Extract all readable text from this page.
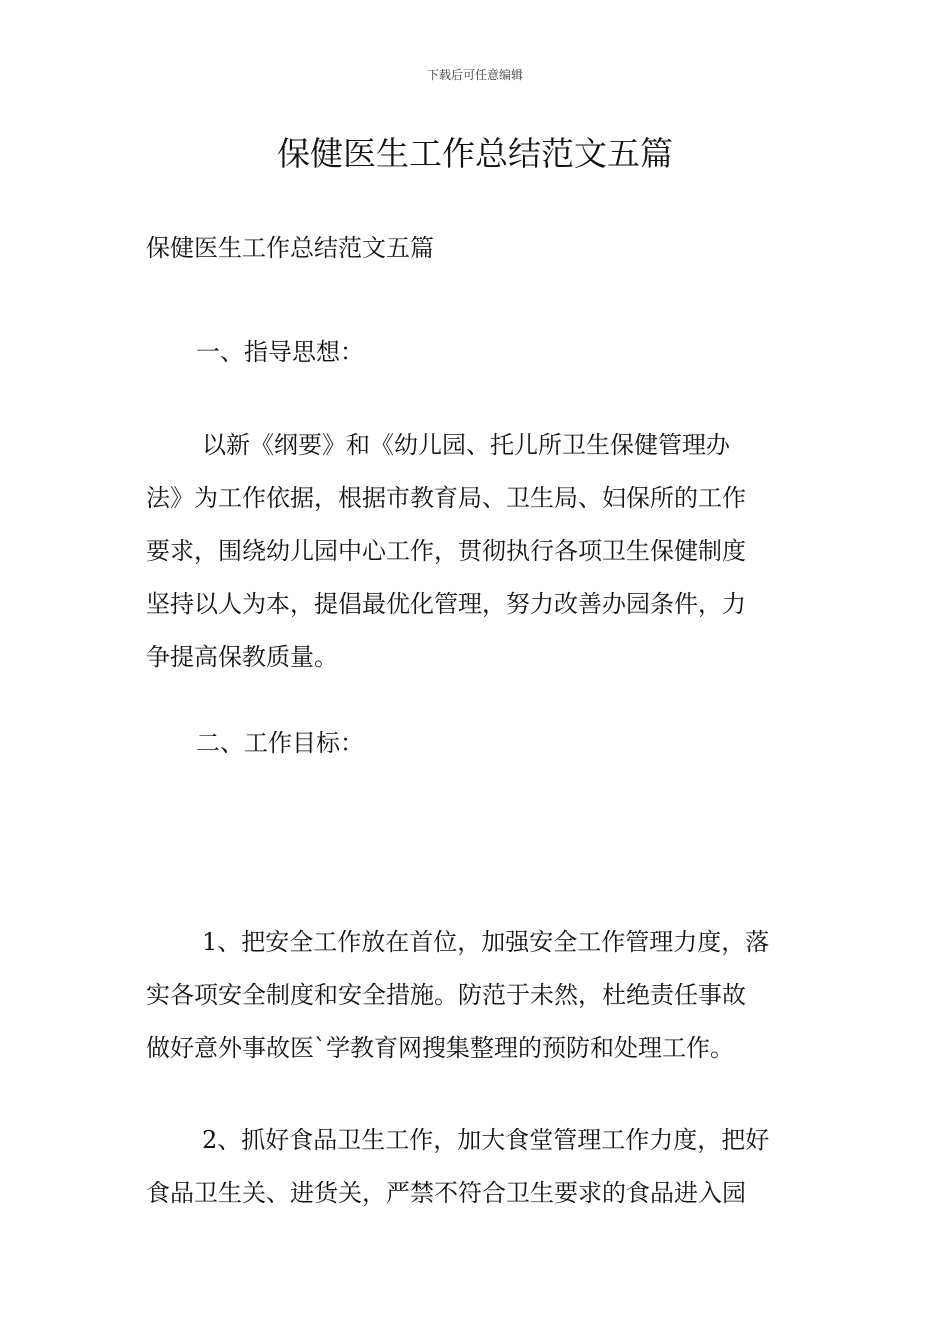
下载后可任意编辑
保健医生工作总结范文五篇

保健医生工作总结范文五篇

一、指导思想：

以新《纲要》和《幼儿园、托儿所卫生保健管理办
法》为工作依据，根据市教育局、卫生局、妇保所的工作
要求，围绕幼儿园中心工作，贯彻执行各项卫生保健制度
坚持以人为本，提倡最优化管理，努力改善办园条件，力
争提高保教质量。

二、工作目标：

1、把安全工作放在首位，加强安全工作管理力度，落
实各项安全制度和安全措施。防范于未然，杜绝责任事故
做好意外事故医`学教育网搜集整理的预防和处理工作。
2、抓好食品卫生工作，加大食堂管理工作力度，把好
食品卫生关、进货关，严禁不符合卫生要求的食品进入园
